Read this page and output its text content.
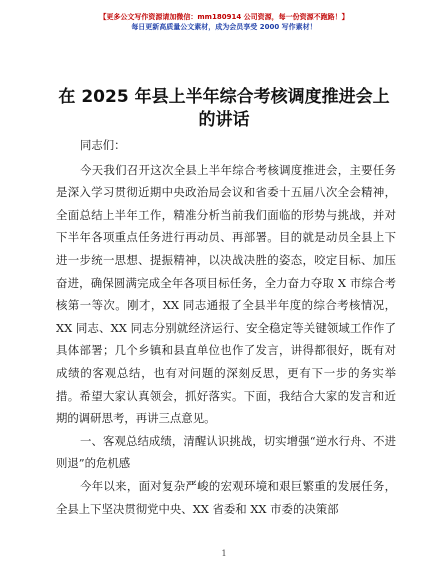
【更多公文写作资源请加微信：mm180914 公司资源，每一份资源不跑路！】
每日更新高质量公文素材，成为会员享受 2000 写作素材！
在 2025 年县上半年综合考核调度推进会上的讲话

同志们：

今天我们召开这次全县上半年综合考核调度推进会，主要任务是深入学习贯彻近期中央政治局会议和省委十五届八次全会精神，全面总结上半年工作，精准分析当前我们面临的形势与挑战，并对下半年各项重点任务进行再动员、再部署。目的就是动员全县上下进一步统一思想、提振精神，以决战决胜的姿态，咬定目标、加压奋进，确保圆满完成全年各项目标任务，全力奋力夺取 X 市综合考核第一等次。刚才，XX 同志通报了全县半年度的综合考核情况，XX 同志、XX 同志分别就经济运行、安全稳定等关键领域工作作了具体部署；几个乡镇和县直单位也作了发言，讲得都很好，既有对成绩的客观总结，也有对问题的深刻反思，更有下一步的务实举措。希望大家认真领会，抓好落实。下面，我结合大家的发言和近期的调研思考，再讲三点意见。

一、客观总结成绩，清醒认识挑战，切实增强“逆水行舟、不进则退”的危机感

今年以来，面对复杂严峻的宏观环境和艰巨繁重的发展任务，全县上下坚决贯彻党中央、XX 省委和 XX 市委的决策部

1
